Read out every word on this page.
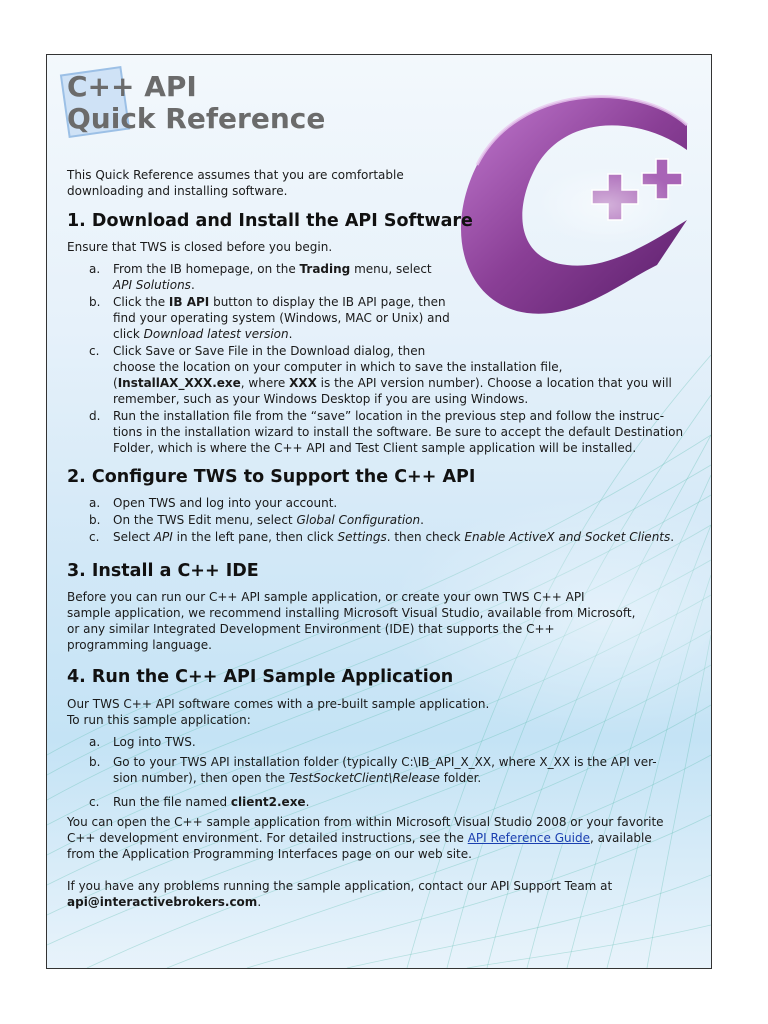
C++ API
Quick Reference

This Quick Reference assumes that you are comfortable

downloading and installing software.

1. Download and Install the API Software

Ensure that TWS is closed before you begin.

a. From the IB homepage, on the Trading menu, select
API Solutions.
b. Click the IB API button to display the IB API page, then
find your operating system (Windows, MAC or Unix) and
click Download latest version.
c. Click Save or Save File in the Download dialog, then
choose the location on your computer in which to save the installation file,
(InstallAX_XXX.exe, where XXX is the API version number). Choose a location that you will
remember, such as your Windows Desktop if you are using Windows.
d. Run the installation file from the “save” location in the previous step and follow the instruc-
tions in the installation wizard to install the software. Be sure to accept the default Destination
Folder, which is where the C++ API and Test Client sample application will be installed.
2. Configure TWS to Support the C++ API
a. Open TWS and log into your account.
b. On the TWS Edit menu, select Global Configuration.
c. Select API in the left pane, then click Settings. then check Enable ActiveX and Socket Clients.
3. Install a C++ IDE

Before you can run our C++ API sample application, or create your own TWS C++ API

sample application, we recommend installing Microsoft Visual Studio, available from Microsoft,

or any similar Integrated Development Environment (IDE) that supports the C++

programming language.

4. Run the C++ API Sample Application

Our TWS C++ API software comes with a pre-built sample application.

To run this sample application:

a. Log into TWS.
b. Go to your TWS API installation folder (typically C:\IB_API_X_XX, where X_XX is the API ver-
sion number), then open the TestSocketClient\Release folder.
c. Run the file named client2.exe.

You can open the C++ sample application from within Microsoft Visual Studio 2008 or your favorite

C++ development environment. For detailed instructions, see the API Reference Guide, available

from the Application Programming Interfaces page on our web site.

If you have any problems running the sample application, contact our API Support Team at

api@interactivebrokers.com.
